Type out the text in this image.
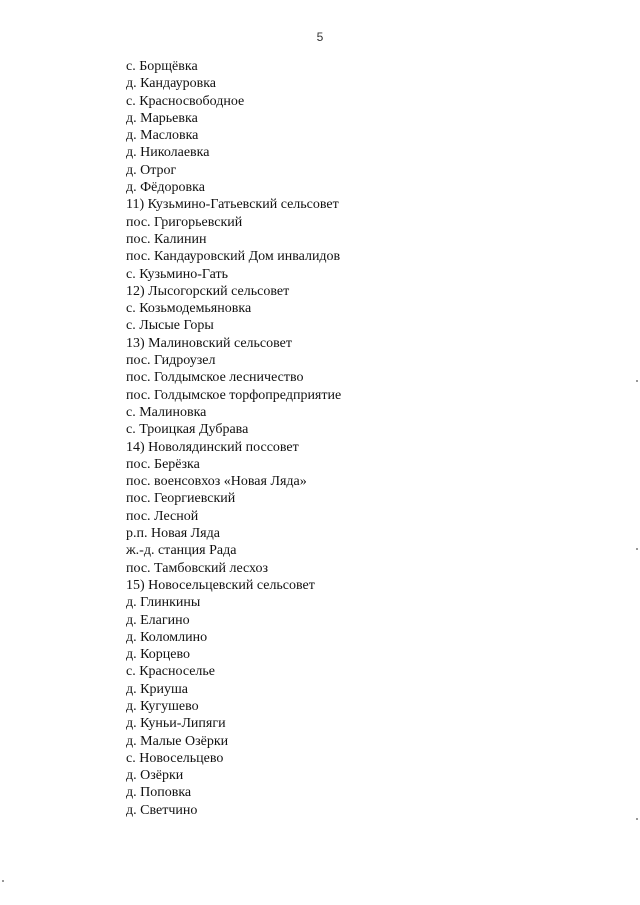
5
с. Борщёвка
д. Кандауровка
с. Красносвободное
д. Марьевка
д. Масловка
д. Николаевка
д. Отрог
д. Фёдоровка
11) Кузьмино-Гатьевский сельсовет
пос. Григорьевский
пос. Калинин
пос. Кандауровский Дом инвалидов
с. Кузьмино-Гать
12) Лысогорский сельсовет
с. Козьмодемьяновка
с. Лысые Горы
13) Малиновский сельсовет
пос. Гидроузел
пос. Голдымское лесничество
пос. Голдымское торфопредприятие
с. Малиновка
с. Троицкая Дубрава
14) Новолядинский поссовет
пос. Берёзка
пос. военсовхоз «Новая Ляда»
пос. Георгиевский
пос. Лесной
р.п. Новая Ляда
ж.-д. станция Рада
пос. Тамбовский лесхоз
15) Новосельцевский сельсовет
д. Глинкины
д. Елагино
д. Коломлино
д. Корцево
с. Красноселье
д. Криуша
д. Кугушево
д. Куньи-Липяги
д. Малые Озёрки
с. Новосельцево
д. Озёрки
д. Поповка
д. Светчино
